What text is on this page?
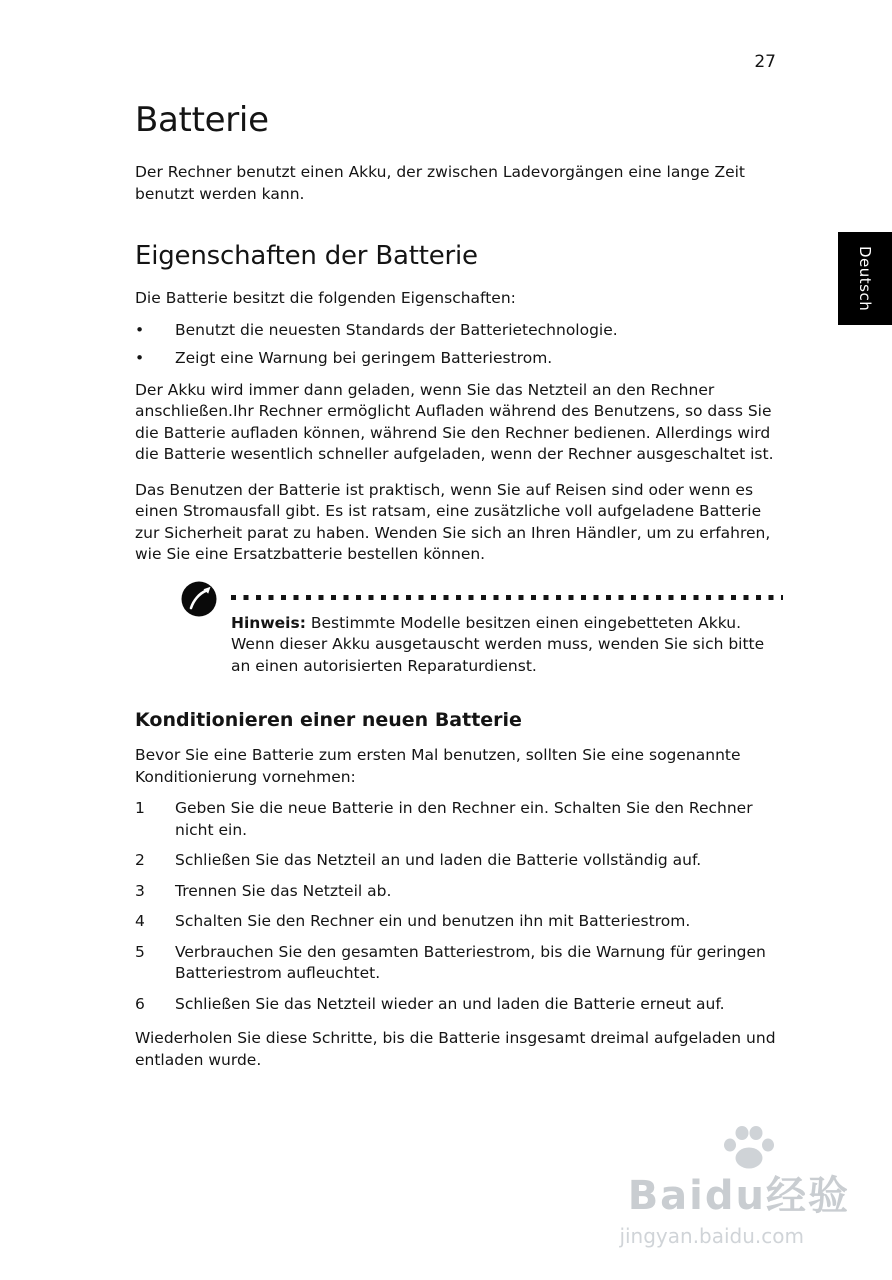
27
Deutsch
Batterie

Der Rechner benutzt einen Akku, der zwischen Ladevorgängen eine lange Zeit benutzt werden kann.

Eigenschaften der Batterie

Die Batterie besitzt die folgenden Eigenschaften:

•	Benutzt die neuesten Standards der Batterietechnologie.
•	Zeigt eine Warnung bei geringem Batteriestrom.

Der Akku wird immer dann geladen, wenn Sie das Netzteil an den Rechner anschließen.Ihr Rechner ermöglicht Aufladen während des Benutzens, so dass Sie die Batterie aufladen können, während Sie den Rechner bedienen. Allerdings wird die Batterie wesentlich schneller aufgeladen, wenn der Rechner ausgeschaltet ist.

Das Benutzen der Batterie ist praktisch, wenn Sie auf Reisen sind oder wenn es einen Stromausfall gibt. Es ist ratsam, eine zusätzliche voll aufgeladene Batterie zur Sicherheit parat zu haben. Wenden Sie sich an Ihren Händler, um zu erfahren, wie Sie eine Ersatzbatterie bestellen können.

Hinweis: Bestimmte Modelle besitzen einen eingebetteten Akku. Wenn dieser Akku ausgetauscht werden muss, wenden Sie sich bitte an einen autorisierten Reparaturdienst.

Konditionieren einer neuen Batterie

Bevor Sie eine Batterie zum ersten Mal benutzen, sollten Sie eine sogenannte Konditionierung vornehmen:

1	Geben Sie die neue Batterie in den Rechner ein. Schalten Sie den Rechner nicht ein.
2	Schließen Sie das Netzteil an und laden die Batterie vollständig auf.
3	Trennen Sie das Netzteil ab.
4	Schalten Sie den Rechner ein und benutzen ihn mit Batteriestrom.
5	Verbrauchen Sie den gesamten Batteriestrom, bis die Warnung für geringen Batteriestrom aufleuchtet.
6	Schließen Sie das Netzteil wieder an und laden die Batterie erneut auf.

Wiederholen Sie diese Schritte, bis die Batterie insgesamt dreimal aufgeladen und entladen wurde.

Baidu经验
jingyan.baidu.com
